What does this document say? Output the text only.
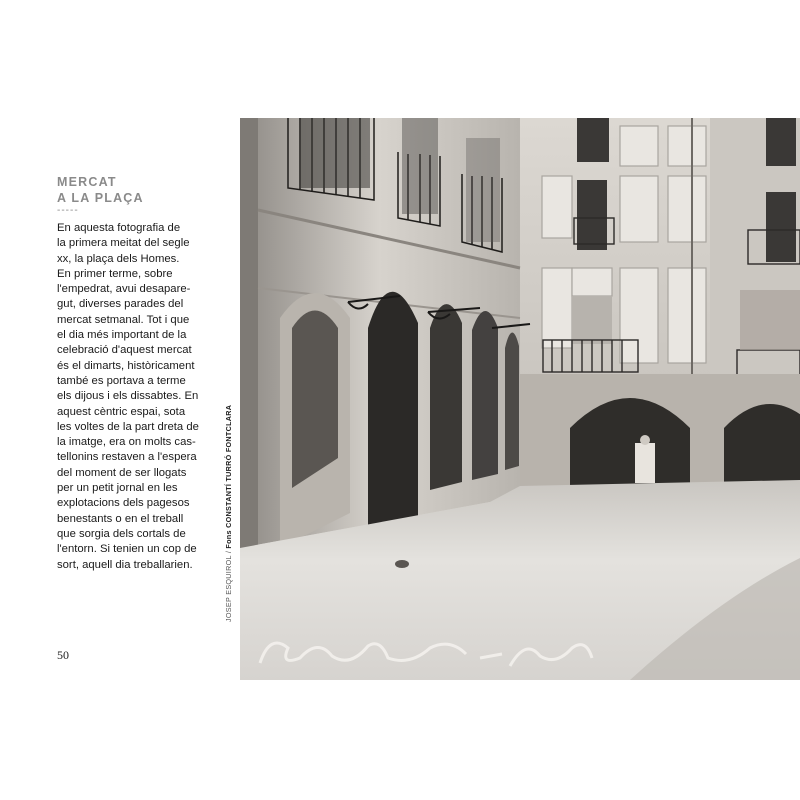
MERCAT
A LA PLAÇA
-----

En aquesta fotografia de
la primera meitat del segle
xx, la plaça dels Homes.
En primer terme, sobre
l'empedrat, avui desapare-
gut, diverses parades del
mercat setmanal. Tot i que
el dia més important de la
celebració d'aquest mercat
és el dimarts, històricament
també es portava a terme
els dijous i els dissabtes. En
aquest cèntric espai, sota
les voltes de la part dreta de
la imatge, era on molts cas-
tellonins restaven a l'espera
del moment de ser llogats
per un petit jornal en les
explotacions dels pagesos
benestants o en el treball
que sorgia dels cortals de
l'entorn. Si tenien un cop de
sort, aquell dia treballarien.

50
JOSEP ESQUIROL / Fons CONSTANTÍ TURRÓ FONTCLARA
